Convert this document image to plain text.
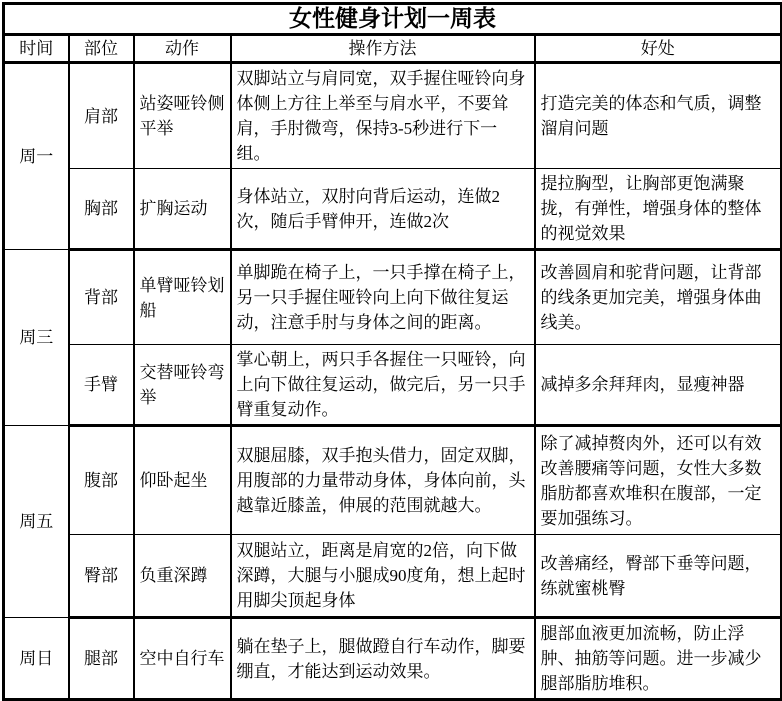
女性健身计划一周表				
时间	部位	动作	操作方法	好处
周一	肩部	站姿哑铃侧平举	双脚站立与肩同宽，双手握住哑铃向身体侧上方往上举至与肩水平，不要耸肩，手肘微弯，保持3-5秒进行下一组。	打造完美的体态和气质，调整溜肩问题
	胸部	扩胸运动	身体站立，双肘向背后运动，连做2次，随后手臂伸开，连做2次	提拉胸型，让胸部更饱满聚拢，有弹性，增强身体的整体的视觉效果
周三	背部	单臂哑铃划船	单脚跪在椅子上，一只手撑在椅子上，另一只手握住哑铃向上向下做往复运动，注意手肘与身体之间的距离。	改善圆肩和驼背问题，让背部的线条更加完美，增强身体曲线美。
	手臂	交替哑铃弯举	掌心朝上，两只手各握住一只哑铃，向上向下做往复运动，做完后，另一只手臂重复动作。	减掉多余拜拜肉，显瘦神器
周五	腹部	仰卧起坐	双腿屈膝，双手抱头借力，固定双脚，用腹部的力量带动身体，身体向前，头越靠近膝盖，伸展的范围就越大。	除了减掉赘肉外，还可以有效改善腰痛等问题，女性大多数脂肪都喜欢堆积在腹部，一定要加强练习。
	臀部	负重深蹲	双腿站立，距离是肩宽的2倍，向下做深蹲，大腿与小腿成90度角，想上起时用脚尖顶起身体	改善痛经，臀部下垂等问题，练就蜜桃臀
周日	腿部	空中自行车	躺在垫子上，腿做蹬自行车动作，脚要绷直，才能达到运动效果。	腿部血液更加流畅，防止浮肿、抽筋等问题。进一步减少腿部脂肪堆积。
